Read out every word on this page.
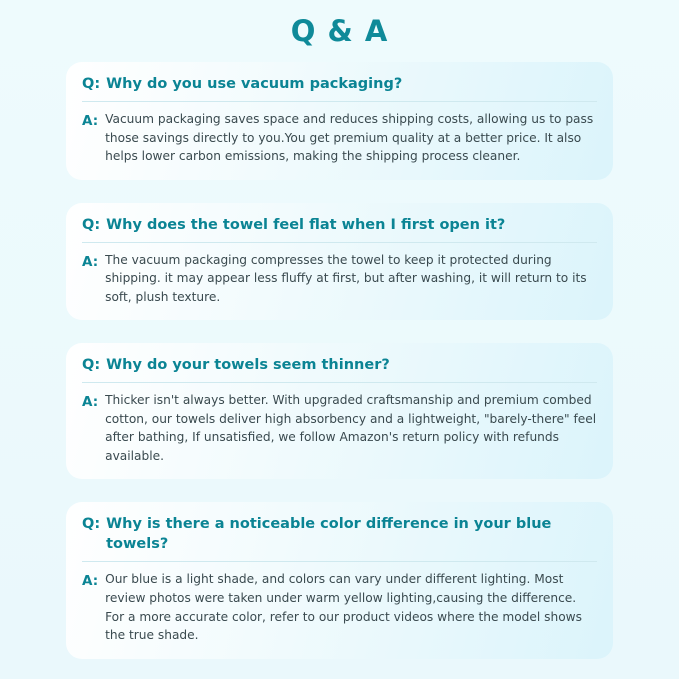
Q & A
Q: Why do you use vacuum packaging?
A: Vacuum packaging saves space and reduces shipping costs, allowing us to pass those savings directly to you.You get premium quality at a better price. It also helps lower carbon emissions, making the shipping process cleaner.
Q: Why does the towel feel flat when I first open it?
A: The vacuum packaging compresses the towel to keep it protected during shipping. it may appear less fluffy at first, but after washing, it will return to its soft, plush texture.
Q: Why do your towels seem thinner?
A: Thicker isn't always better. With upgraded craftsmanship and premium combed cotton, our towels deliver high absorbency and a lightweight, "barely-there" feel after bathing, If unsatisfied, we follow Amazon's return policy with refunds available.
Q: Why is there a noticeable color difference in your blue towels?
A: Our blue is a light shade, and colors can vary under different lighting. Most review photos were taken under warm yellow lighting,causing the difference. For a more accurate color, refer to our product videos where the model shows the true shade.
